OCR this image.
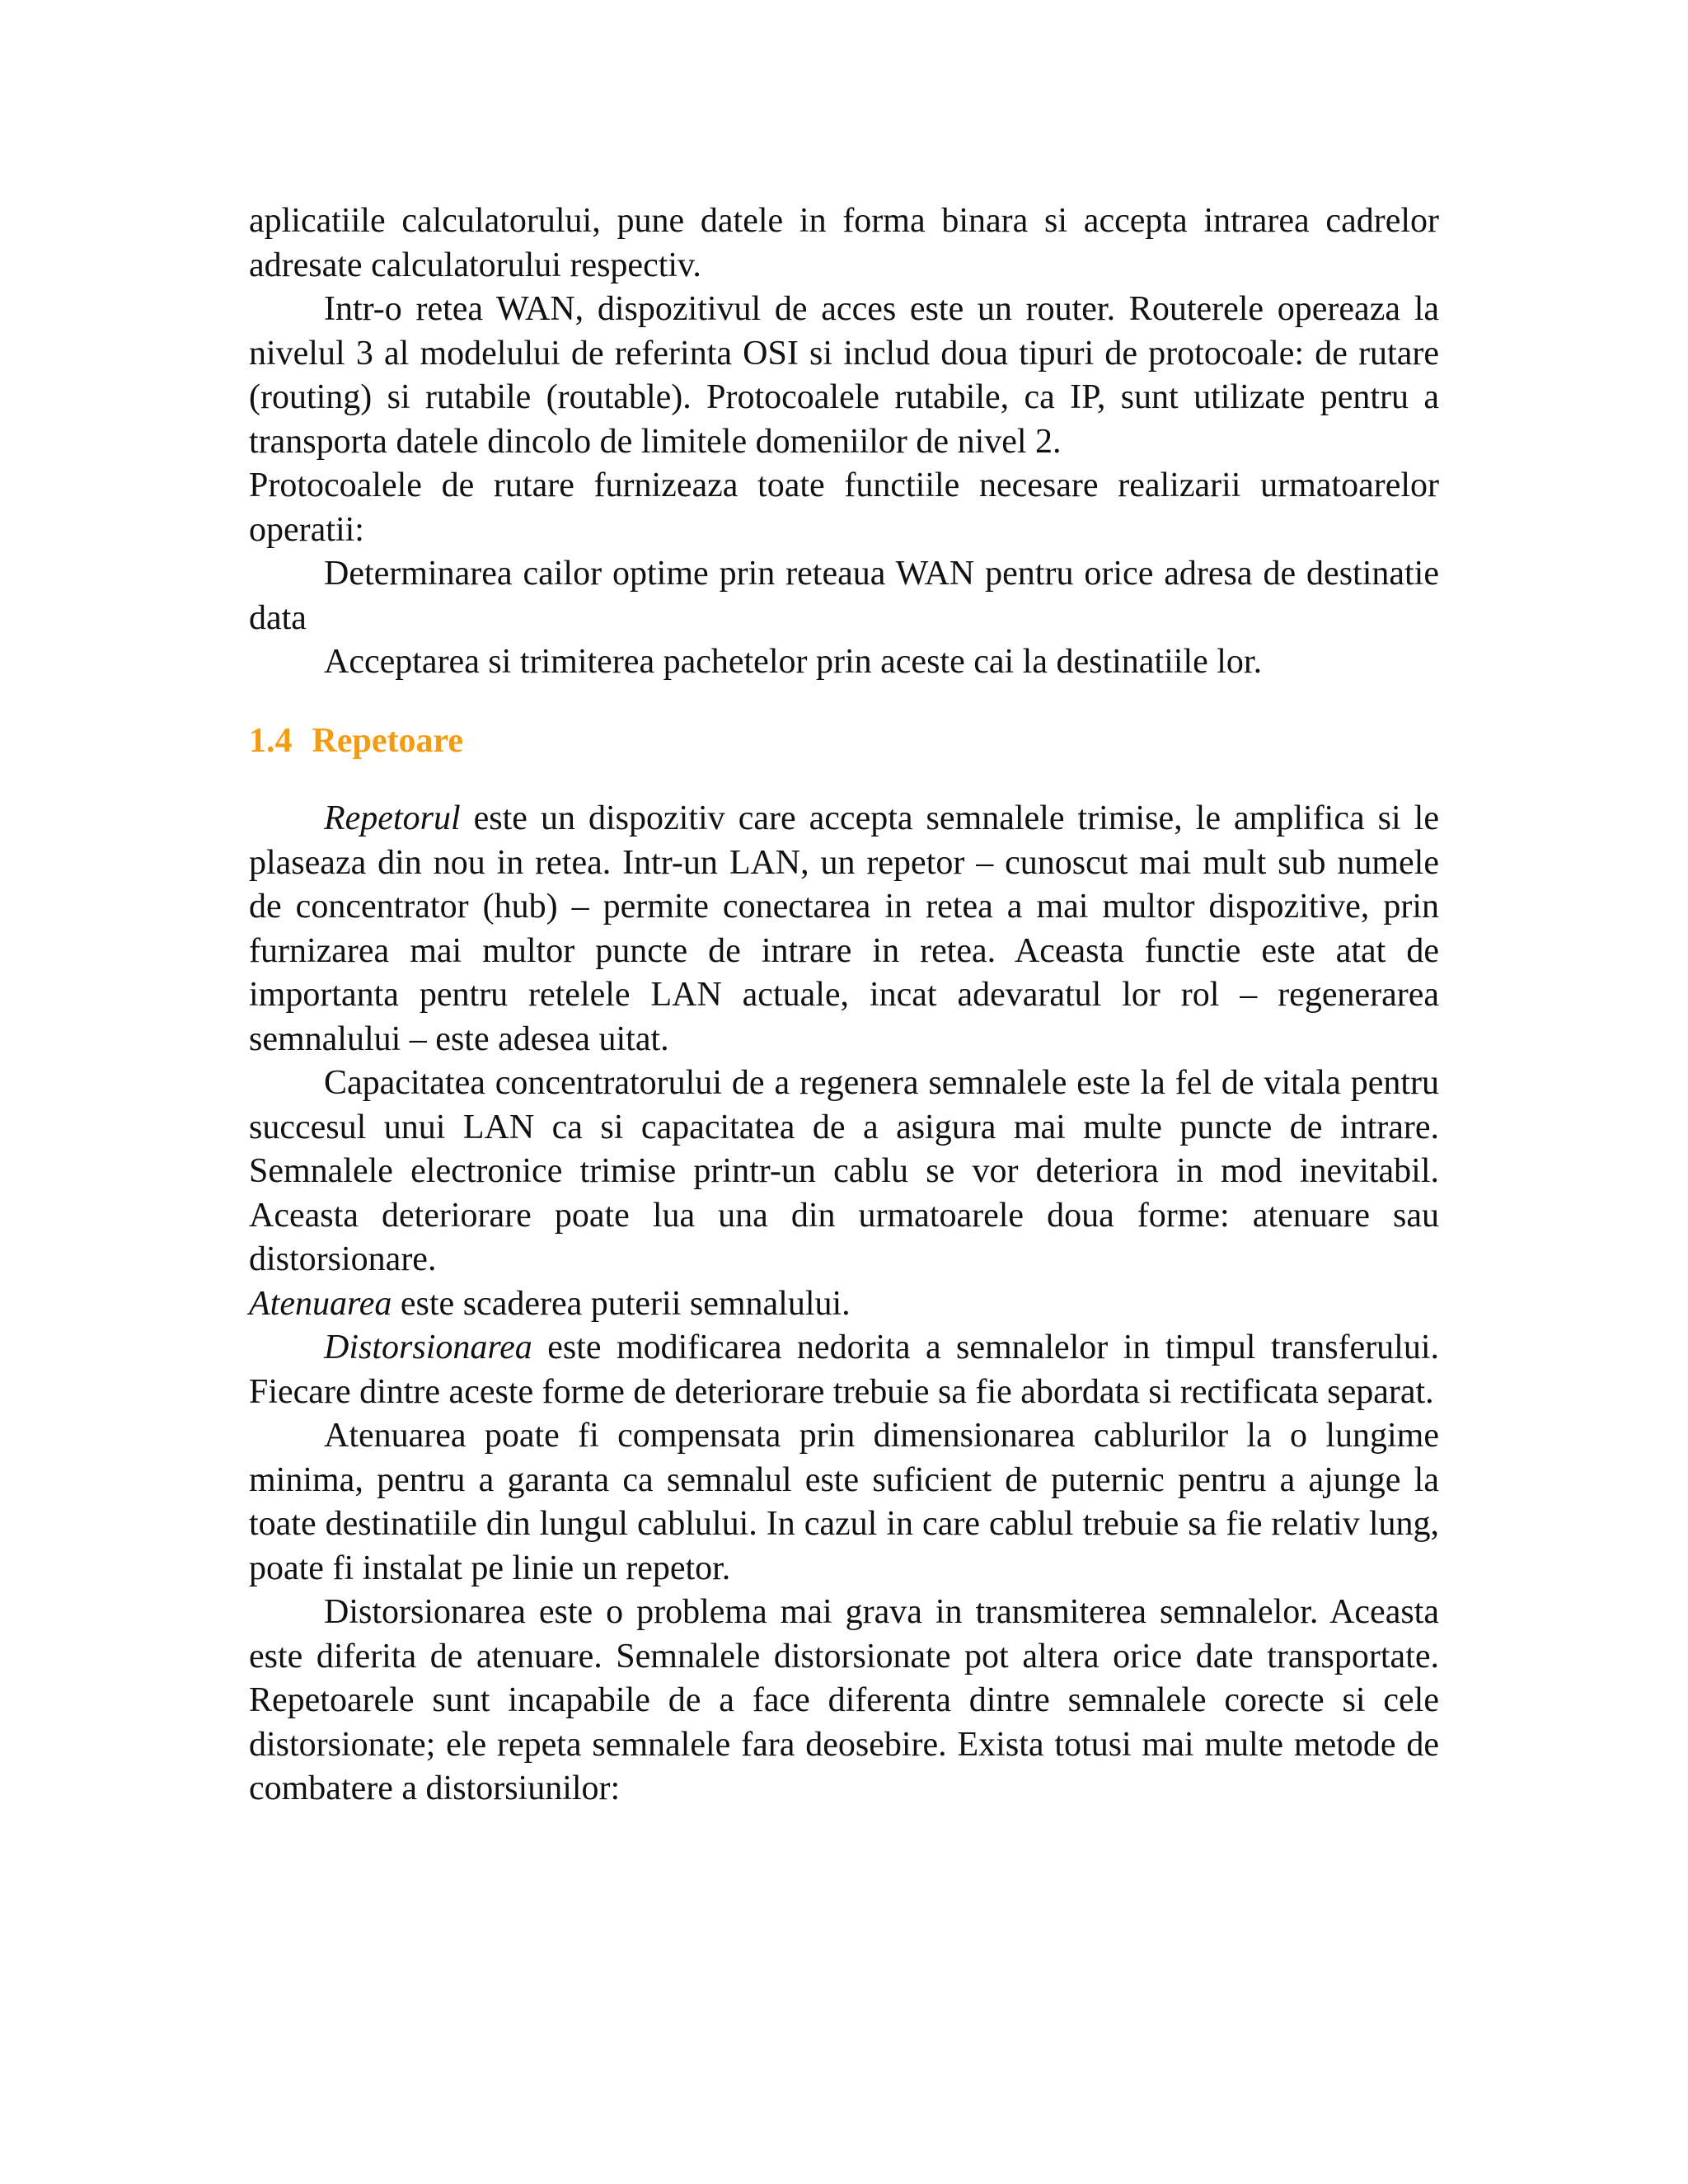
aplicatiile calculatorului, pune datele in forma binara si accepta intrarea cadrelor adresate calculatorului respectiv.

Intr-o retea WAN, dispozitivul de acces este un router. Routerele opereaza la nivelul 3 al modelului de referinta OSI si includ doua tipuri de protocoale: de rutare (routing) si rutabile (routable). Protocoalele rutabile, ca IP, sunt utilizate pentru a transporta datele dincolo de limitele domeniilor de nivel 2.

Protocoalele de rutare furnizeaza toate functiile necesare realizarii urmatoarelor operatii:

Determinarea cailor optime prin reteaua WAN pentru orice adresa de destinatie data

Acceptarea si trimiterea pachetelor prin aceste cai la destinatiile lor.

1.4 Repetoare

Repetorul este un dispozitiv care accepta semnalele trimise, le amplifica si le plaseaza din nou in retea. Intr-un LAN, un repetor – cunoscut mai mult sub numele de concentrator (hub) – permite conectarea in retea a mai multor dispozitive, prin furnizarea mai multor puncte de intrare in retea. Aceasta functie este atat de importanta pentru retelele LAN actuale, incat adevaratul lor rol – regenerarea semnalului – este adesea uitat.

Capacitatea concentratorului de a regenera semnalele este la fel de vitala pentru succesul unui LAN ca si capacitatea de a asigura mai multe puncte de intrare. Semnalele electronice trimise printr-un cablu se vor deteriora in mod inevitabil. Aceasta deteriorare poate lua una din urmatoarele doua forme: atenuare sau distorsionare.

Atenuarea este scaderea puterii semnalului.

Distorsionarea este modificarea nedorita a semnalelor in timpul transferului. Fiecare dintre aceste forme de deteriorare trebuie sa fie abordata si rectificata separat.

Atenuarea poate fi compensata prin dimensionarea cablurilor la o lungime minima, pentru a garanta ca semnalul este suficient de puternic pentru a ajunge la toate destinatiile din lungul cablului. In cazul in care cablul trebuie sa fie relativ lung, poate fi instalat pe linie un repetor.

Distorsionarea este o problema mai grava in transmiterea semnalelor. Aceasta este diferita de atenuare. Semnalele distorsionate pot altera orice date transportate. Repetoarele sunt incapabile de a face diferenta dintre semnalele corecte si cele distorsionate; ele repeta semnalele fara deosebire. Exista totusi mai multe metode de combatere a distorsiunilor:
